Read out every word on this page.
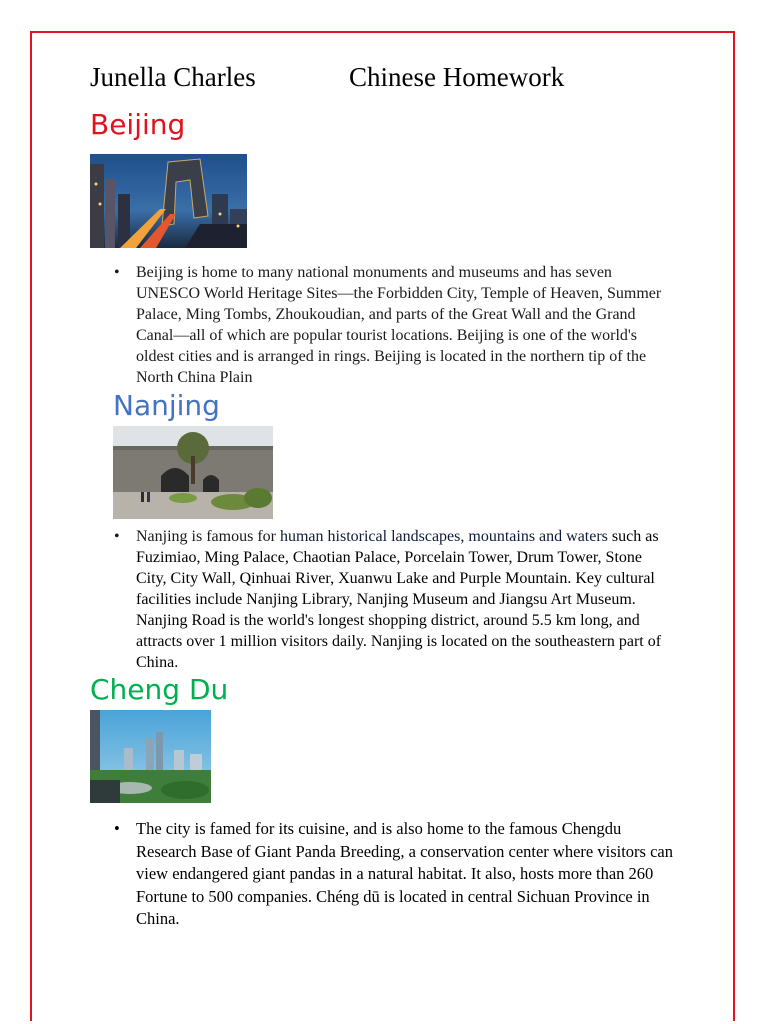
Junella Charles	Chinese Homework
Beijing
• Beijing is home to many national monuments and museums and has seven UNESCO World Heritage Sites—the Forbidden City, Temple of Heaven, Summer Palace, Ming Tombs, Zhoukoudian, and parts of the Great Wall and the Grand Canal—all of which are popular tourist locations. Beijing is one of the world's oldest cities and is arranged in rings. Beijing is located in the northern tip of the North China Plain

Nanjing
• Nanjing is famous for human historical landscapes, mountains and waters such as Fuzimiao, Ming Palace, Chaotian Palace, Porcelain Tower, Drum Tower, Stone City, City Wall, Qinhuai River, Xuanwu Lake and Purple Mountain. Key cultural facilities include Nanjing Library, Nanjing Museum and Jiangsu Art Museum. Nanjing Road is the world's longest shopping district, around 5.5 km long, and attracts over 1 million visitors daily. Nanjing is located on the southeastern part of China.

Cheng Du
• The city is famed for its cuisine, and is also home to the famous Chengdu Research Base of Giant Panda Breeding, a conservation center where visitors can view endangered giant pandas in a natural habitat. It also, hosts more than 260 Fortune to 500 companies. Chéng dū is located in central Sichuan Province in China.
